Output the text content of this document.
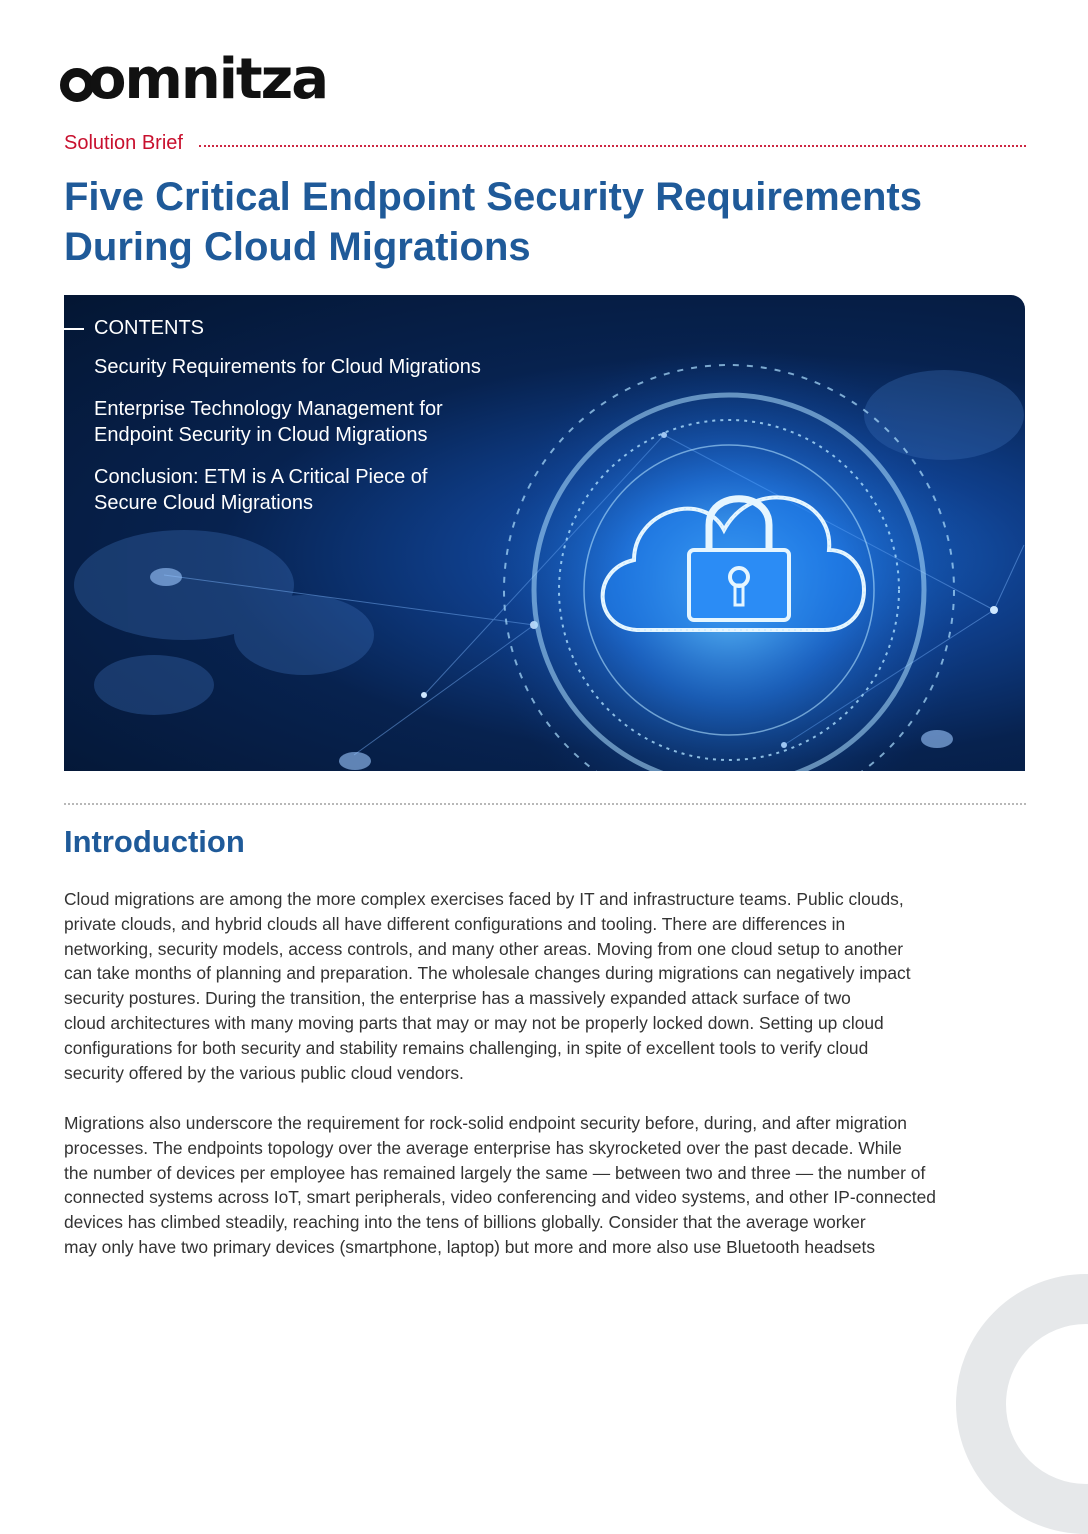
omnitza
Solution Brief
Five Critical Endpoint Security Requirements
During Cloud Migrations
CONTENTS
Security Requirements for Cloud Migrations
Enterprise Technology Management for
Endpoint Security in Cloud Migrations
Conclusion: ETM is A Critical Piece of
Secure Cloud Migrations
Introduction

Cloud migrations are among the more complex exercises faced by IT and infrastructure teams. Public clouds,
private clouds, and hybrid clouds all have different configurations and tooling. There are differences in
networking, security models, access controls, and many other areas. Moving from one cloud setup to another
can take months of planning and preparation. The wholesale changes during migrations can negatively impact
security postures. During the transition, the enterprise has a massively expanded attack surface of two
cloud architectures with many moving parts that may or may not be properly locked down. Setting up cloud
configurations for both security and stability remains challenging, in spite of excellent tools to verify cloud
security offered by the various public cloud vendors.

Migrations also underscore the requirement for rock-solid endpoint security before, during, and after migration
processes. The endpoints topology over the average enterprise has skyrocketed over the past decade. While
the number of devices per employee has remained largely the same — between two and three — the number of
connected systems across IoT, smart peripherals, video conferencing and video systems, and other IP-connected
devices has climbed steadily, reaching into the tens of billions globally. Consider that the average worker
may only have two primary devices (smartphone, laptop) but more and more also use Bluetooth headsets
